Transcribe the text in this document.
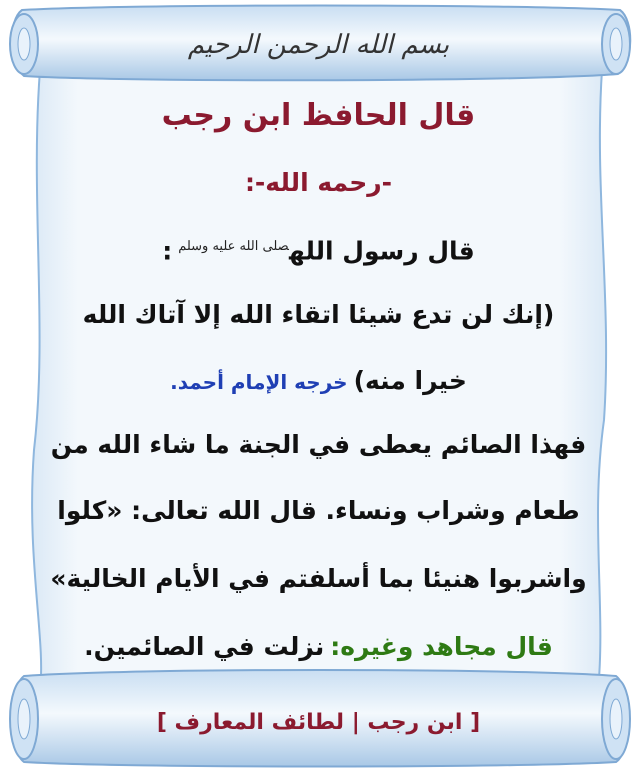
بسم الله الرحمن الرحيم
قال الحافظ ابن رجب
-رحمه الله-:
قال رسول الله$^{صلى الله عليه وسلم}$:
(إنك لن تدع شيئا اتقاء الله إلا آتاك الله
خيرا منه)خرجه الإمام أحمد.
فهذا الصائم يعطى في الجنة ما شاء الله من
طعام وشراب ونساء. قال الله تعالى: «كلوا
واشربوا هنيئا بما أسلفتم في الأيام الخالية»
قال مجاهد وغيره:نزلت في الصائمين.
[ ابن رجب | لطائف المعارف ]
